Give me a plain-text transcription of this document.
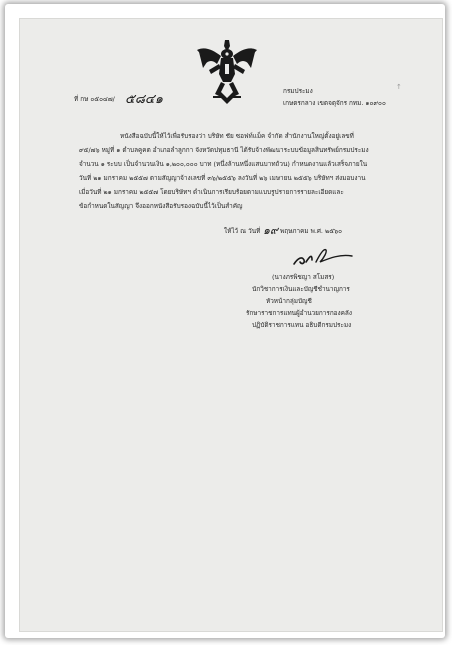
ที่ กษ ๐๕๐๔๗/ ๕๘๔๑
กรมประมง
เกษตรกลาง เขตจตุจักร กทม. ๑๐๙๐๐
↑
หนังสือฉบับนี้ให้ไว้เพื่อรับรองว่า บริษัท ชัย ซอฟท์แม็ค จำกัด สำนักงานใหญ่ตั้งอยู่เลขที่
๙๕/๗๖ หมู่ที่ ๑ ตำบลคูคต อำเภอลำลูกกา จังหวัดปทุมธานี ได้รับจ้างพัฒนาระบบข้อมูลสินทรัพย์กรมประมง
จำนวน ๑ ระบบ เป็นจำนวนเงิน ๑,๒๐๐,๐๐๐ บาท (หนึ่งล้านหนึ่งแสนบาทถ้วน) กำหนดงานแล้วเสร็จภายใน
วันที่ ๒๑ มกราคม ๒๕๕๗ ตามสัญญาจ้างเลขที่ ๓๖/๒๕๕๖ ลงวันที่ ๒๖ เมษายน ๒๕๕๖ บริษัทฯ ส่งมอบงาน
เมื่อวันที่ ๒๑ มกราคม ๒๕๕๗ โดยบริษัทฯ ดำเนินการเรียบร้อยตามแบบรูปรายการรายละเอียดและ
ข้อกำหนดในสัญญา จึงออกหนังสือรับรองฉบับนี้ไว้เป็นสำคัญ
ให้ไว้ ณ วันที่ ๑๙ พฤษภาคม พ.ศ. ๒๕๖๐
(นางภรพิชญา สโมสร)
นักวิชาการเงินและบัญชีชำนาญการ
หัวหน้ากลุ่มบัญชี
รักษาราชการแทนผู้อำนวยการกองคลัง
ปฏิบัติราชการแทน อธิบดีกรมประมง
